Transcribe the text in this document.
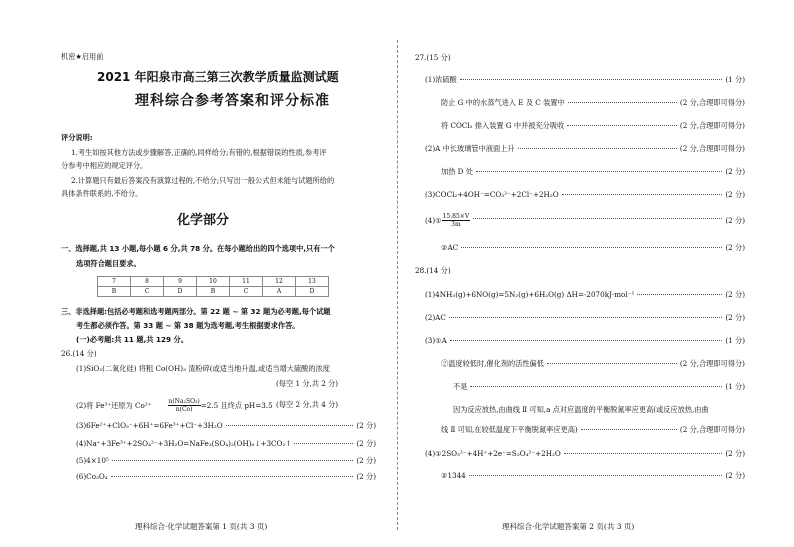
机密★启用前
2021 年阳泉市高三第三次教学质量监测试题
理科综合参考答案和评分标准
评分说明:
1.考生如按其他方法或步骤解答,正确的,同样给分;有错的,根据错误的性质,参考评
分参考中相应的规定评分。
2.计算题只有最后答案没有演算过程的,不给分;只写出一般公式但未能与试题所给的
具体条件联系的,不给分。
化学部分
一、选择题,共 13 小题,每小题 6 分,共 78 分。在每小题给出的四个选项中,只有一个
选项符合题目要求。
7	8	9	10	11	12	13
B	C	D	B	C	A	D
三、非选择题:包括必考题和选考题两部分。第 22 题 ~ 第 32 题为必考题,每个试题
考生都必须作答。第 33 题 ~ 第 38 题为选考题,考生根据要求作答。
(一)必考题:共 11 题,共 129 分。
26.(14 分)
(1)SiO₂(二氧化硅) 将粗 Co(OH)₃ 渣粉碎(或适当地升温,或适当增大硫酸的浓度
(每空 1 分,共 2 分)
(2)将 Fe³⁺还原为 Co²⁺	$\frac{\text{n(Na₂SO₃)}}{n(Co)} =2.5$ 且终点 pH=3.5 (每空 2 分,共 4 分)
(3)6Fe²⁺+ClO₃⁻+6H⁺=6Fe³⁺+Cl⁻+3H₂O	(2 分)
(4)Na⁺+3Fe³⁺+2SO₄²⁻+3H₂O=NaFe₃(SO₄)₂(OH)₆↓+3CO₂↑	(2 分)
(5)4×10⁵	(2 分)
(6)Co₃O₄	(2 分)
理科综合·化学试题答案第 1 页(共 3 页)
27.(15 分)
(1)浓硫酸	(1 分)
防止 G 中的水蒸气进入 E 及 C 装置中	(2 分,合理即可得分)
将 COCl₂ 排入装置 G 中并被充分吸收	(2 分,合理即可得分)
(2)A 中长玻璃管中液面上升	(2 分,合理即可得分)
加热 D 处	(2 分)
(3)COCl₂+4OH⁻=CO₃²⁻+2Cl⁻+2H₂O	(2 分)
(4)① $\frac{15.85\times V}{3m}$	(2 分)
②AC	(2 分)
28.(14 分)
(1)4NH₃(g)+6NO(g)=5N₂(g)+6H₂O(g) ΔH=-2070kJ·mol⁻¹	(2 分)
(2)AC	(2 分)
(3)①A	(1 分)
②温度较低时,催化剂的活性偏低	(2 分,合理即可得分)
不是	(1 分)
因为反应放热,由曲线 Ⅱ 可知,a 点对应温度的平衡脱氮率应更高(或反应放热,由曲
线 Ⅱ 可知,在较低温度下平衡脱氮率应更高)	(2 分,合理即可得分)
(4)①2SO₃²⁻+4H⁺+2e⁻=S₂O₄²⁻+2H₂O	(2 分)
②1344	(2 分)
理科综合·化学试题答案第 2 页(共 3 页)
